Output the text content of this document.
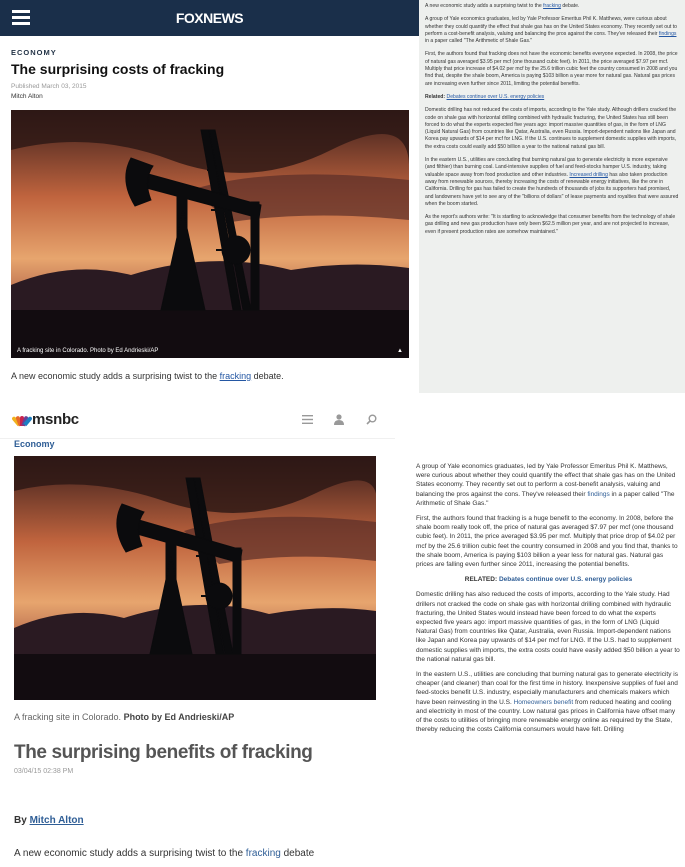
FOXNEWS
ECONOMY
The surprising costs of fracking
Published March 03, 2015
Mitch Alton
A fracking site in Colorado. Photo by Ed Andrieski/AP	▲
A new economic study adds a surprising twist to the fracking debate.

A new economic study adds a surprising twist to the fracking debate.

A group of Yale economics graduates, led by Yale Professor Emeritus Phil K. Matthews, were curious about whether they could quantify the effect that shale gas has on the United States economy. They recently set out to perform a cost-benefit analysis, valuing and balancing the pros against the cons. They've released their findings in a paper called "The Arithmetic of Shale Gas."

First, the authors found that fracking does not have the economic benefits everyone expected. In 2008, the price of natural gas averaged $3.95 per mcf (one thousand cubic feet). In 2011, the price averaged $7.97 per mcf. Multiply that price increase of $4.02 per mcf by the 25.6 trillion cubic feet the country consumed in 2008 and you find that, despite the shale boom, America is paying $103 billion a year more for natural gas. Natural gas prices are increasing even further since 2011, limiting the potential benefits.

Related: Debates continue over U.S. energy policies

Domestic drilling has not reduced the costs of imports, according to the Yale study. Although drillers cracked the code on shale gas with horizontal drilling combined with hydraulic fracturing, the United States has still been forced to do what the experts expected five years ago: import massive quantities of gas, in the form of LNG (Liquid Natural Gas) from countries like Qatar, Australia, even Russia. Import-dependent nations like Japan and Korea pay upwards of $14 per mcf for LNG. If the U.S. continues to supplement domestic supplies with imports, the extra costs could easily add $50 billion a year to the national natural gas bill.

In the eastern U.S., utilities are concluding that burning natural gas to generate electricity is more expensive (and filthier) than burning coal. Land-intensive supplies of fuel and feed-stocks hamper U.S. industry, taking valuable space away from food production and other industries. Increased drilling has also taken production away from renewable sources, thereby increasing the costs of renewable energy initiatives, like the one in California. Drilling for gas has failed to create the hundreds of thousands of jobs its supporters had promised, and landowners have yet to see any of the "billions of dollars" of lease payments and royalties that were assured when the boom started.

As the report's authors write: "It is startling to acknowledge that consumer benefits from the technology of shale gas drilling and new gas production have only been $62.5 million per year, and are not projected to increase, even if present production rates are somehow maintained."

msnbc
Economy
A fracking site in Colorado. Photo by Ed Andrieski/AP
The surprising benefits of fracking
03/04/15 02:38 PM
By Mitch Alton
A new economic study adds a surprising twist to the fracking debate

A group of Yale economics graduates, led by Yale Professor Emeritus Phil K. Matthews, were curious about whether they could quantify the effect that shale gas has on the United States economy. They recently set out to perform a cost-benefit analysis, valuing and balancing the pros against the cons. They've released their findings in a paper called "The Arithmetic of Shale Gas."

First, the authors found that fracking is a huge benefit to the economy. In 2008, before the shale boom really took off, the price of natural gas averaged $7.97 per mcf (one thousand cubic feet). In 2011, the price averaged $3.95 per mcf. Multiply that price drop of $4.02 per mcf by the 25.6 trillion cubic feet the country consumed in 2008 and you find that, thanks to the shale boom, America is paying $103 billion a year less for natural gas. Natural gas prices are falling even further since 2011, increasing the potential benefits.

RELATED: Debates continue over U.S. energy policies

Domestic drilling has also reduced the costs of imports, according to the Yale study. Had drillers not cracked the code on shale gas with horizontal drilling combined with hydraulic fracturing, the United States would instead have been forced to do what the experts expected five years ago: import massive quantities of gas, in the form of LNG (Liquid Natural Gas) from countries like Qatar, Australia, even Russia. Import-dependent nations like Japan and Korea pay upwards of $14 per mcf for LNG. If the U.S. had to supplement domestic supplies with imports, the extra costs could have easily added $50 billion a year to the national natural gas bill.

In the eastern U.S., utilities are concluding that burning natural gas to generate electricity is cheaper (and cleaner) than coal for the first time in history. Inexpensive supplies of fuel and feed-stocks benefit U.S. industry, especially manufacturers and chemicals makers which have been reinvesting in the U.S. Homeowners benefit from reduced heating and cooling and electricity in most of the country. Low natural gas prices in California have offset many of the costs to utilities of bringing more renewable energy online as required by the State, thereby reducing the costs California consumers would have felt. Drilling
